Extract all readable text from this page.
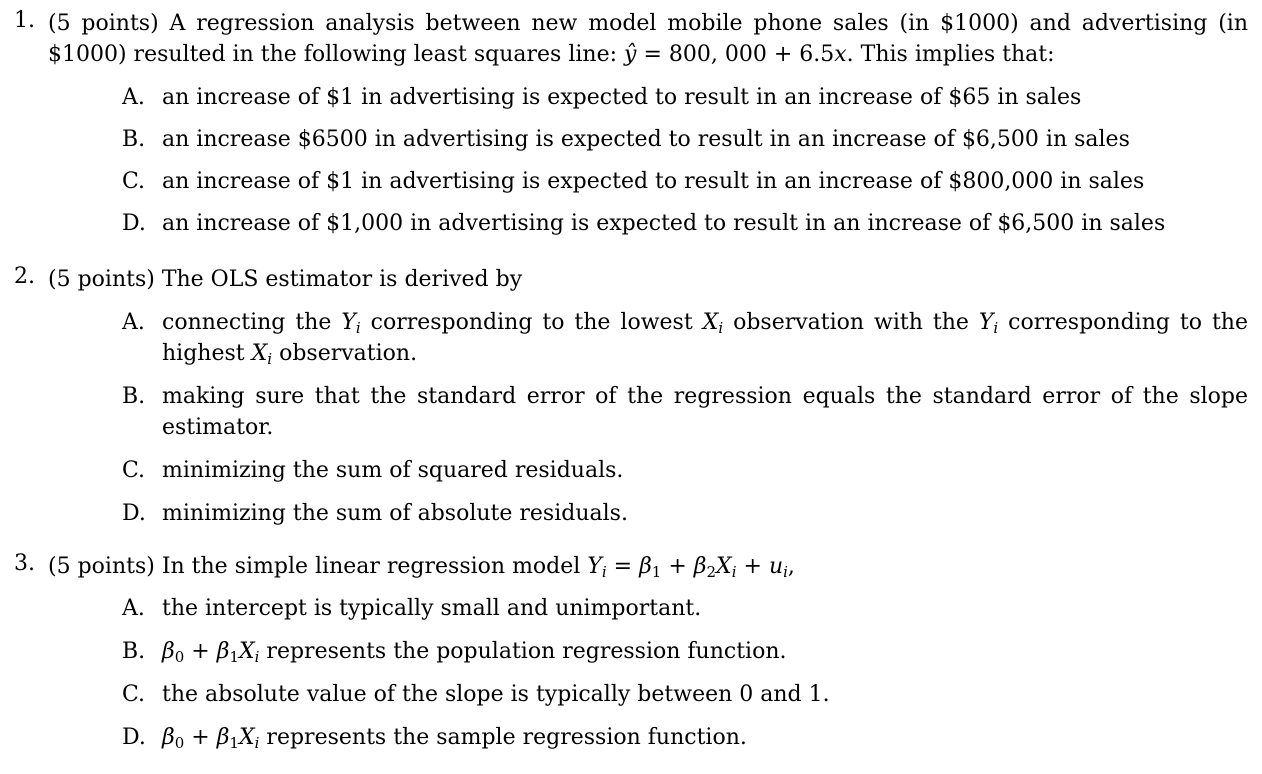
1. (5 points) A regression analysis between new model mobile phone sales (in $1000) and advertising (in $1000) resulted in the following least squares line: ŷ = 800, 000 + 6.5x. This implies that:
A. an increase of $1 in advertising is expected to result in an increase of $65 in sales
B. an increase $6500 in advertising is expected to result in an increase of $6,500 in sales
C. an increase of $1 in advertising is expected to result in an increase of $800,000 in sales
D. an increase of $1,000 in advertising is expected to result in an increase of $6,500 in sales
2. (5 points) The OLS estimator is derived by
A. connecting the $Y_i$ corresponding to the lowest $X_i$ observation with the $Y_i$ corresponding to the highest $X_i$ observation.
B. making sure that the standard error of the regression equals the standard error of the slope estimator.
C. minimizing the sum of squared residuals.
D. minimizing the sum of absolute residuals.
3. (5 points) In the simple linear regression model $Y_i = \beta_1 + \beta_2X_i + u_i$,
A. the intercept is typically small and unimportant.
B. $\beta_0 + \beta_1X_i$ represents the population regression function.
C. the absolute value of the slope is typically between 0 and 1.
D. $\beta_0 + \beta_1X_i$ represents the sample regression function.
